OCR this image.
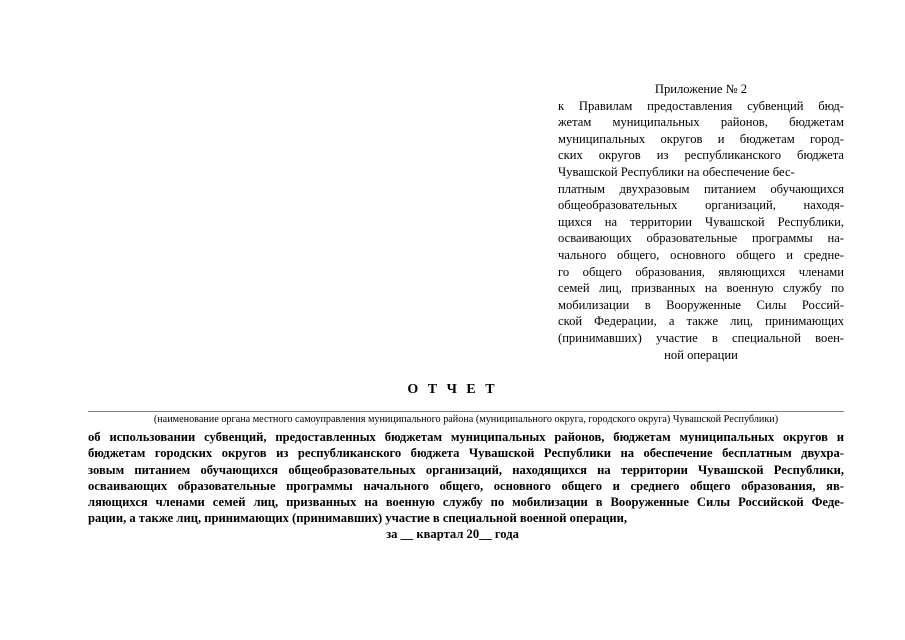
Приложение № 2
к Правилам предоставления субвенций бюд-
жетам муниципальных районов, бюджетам
муниципальных округов и бюджетам город-
ских округов из республиканского бюджета
Чувашской Республики на обеспечение бес-
платным двухразовым питанием обучающихся
общеобразовательных организаций, находя-
щихся на территории Чувашской Республики,
осваивающих образовательные программы на-
чального общего, основного общего и средне-
го общего образования, являющихся членами
семей лиц, призванных на военную службу по
мобилизации в Вооруженные Силы Россий-
ской Федерации, а также лиц, принимающих
(принимавших) участие в специальной воен-
ной операции
О Т Ч Е Т
(наименование органа местного самоуправления муниципального района (муниципального округа, городского округа) Чувашской Республики)
об использовании субвенций, предоставленных бюджетам муниципальных районов, бюджетам муниципальных округов и
бюджетам городских округов из республиканского бюджета Чувашской Республики на обеспечение бесплатным двухра-
зовым питанием обучающихся общеобразовательных организаций, находящихся на территории Чувашской Республики,
осваивающих образовательные программы начального общего, основного общего и среднего общего образования, яв-
ляющихся членами семей лиц, призванных на военную службу по мобилизации в Вооруженные Силы Российской Феде-
рации, а также лиц, принимающих (принимавших) участие в специальной военной операции,
за __ квартал 20__ года
